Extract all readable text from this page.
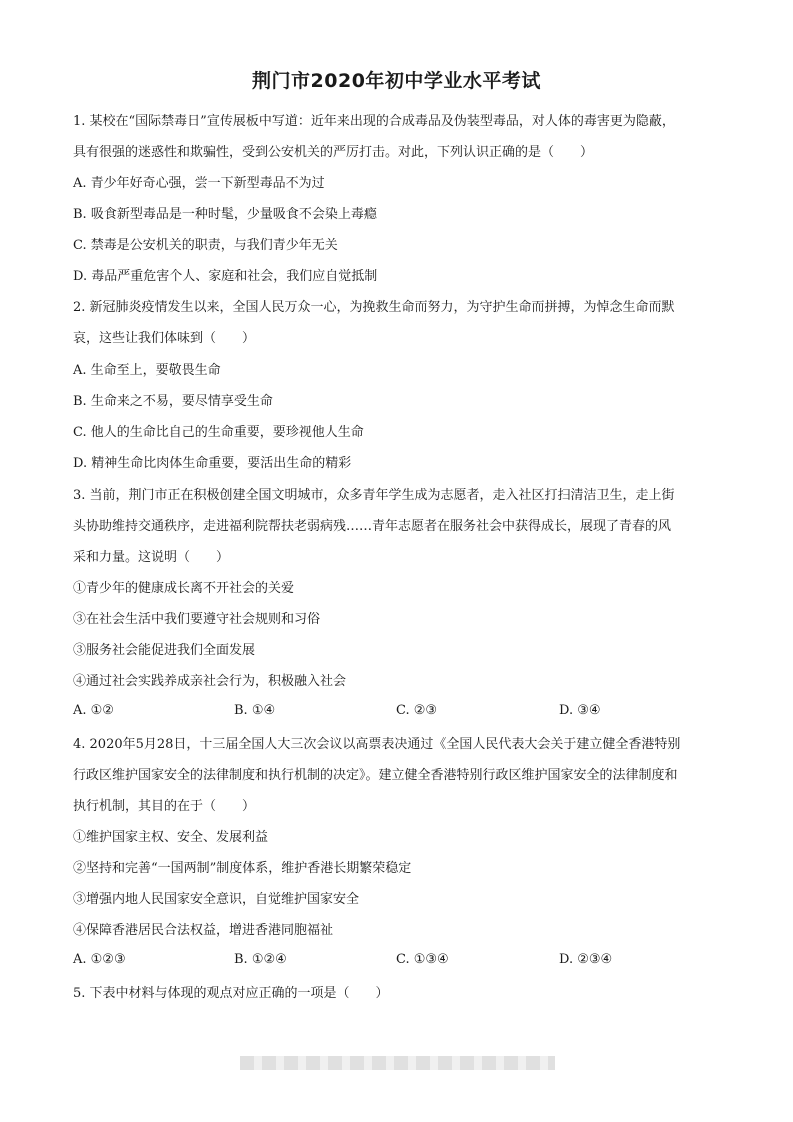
荆门市2020年初中学业水平考试
1. 某校在“国际禁毒日”宣传展板中写道：近年来出现的合成毒品及伪装型毒品，对人体的毒害更为隐蔽，
具有很强的迷惑性和欺骗性，受到公安机关的严厉打击。对此，下列认识正确的是（　　）
A. 青少年好奇心强，尝一下新型毒品不为过
B. 吸食新型毒品是一种时髦，少量吸食不会染上毒瘾
C. 禁毒是公安机关的职责，与我们青少年无关
D. 毒品严重危害个人、家庭和社会，我们应自觉抵制
2. 新冠肺炎疫情发生以来，全国人民万众一心，为挽救生命而努力，为守护生命而拼搏，为悼念生命而默
哀，这些让我们体味到（　　）
A. 生命至上，要敬畏生命
B. 生命来之不易，要尽情享受生命
C. 他人的生命比自己的生命重要，要珍视他人生命
D. 精神生命比肉体生命重要，要活出生命的精彩
3. 当前，荆门市正在积极创建全国文明城市，众多青年学生成为志愿者，走入社区打扫清洁卫生，走上街
头协助维持交通秩序，走进福利院帮扶老弱病残……青年志愿者在服务社会中获得成长，展现了青春的风
采和力量。这说明（　　）
①青少年的健康成长离不开社会的关爱
③在社会生活中我们要遵守社会规则和习俗
③服务社会能促进我们全面发展
④通过社会实践养成亲社会行为，积极融入社会
A. ①②	B. ①④	C. ②③	D. ③④
4. 2020年5月28日，十三届全国人大三次会议以高票表决通过《全国人民代表大会关于建立健全香港特别
行政区维护国家安全的法律制度和执行机制的决定》。建立健全香港特别行政区维护国家安全的法律制度和
执行机制，其目的在于（　　）
①维护国家主权、安全、发展利益
②坚持和完善“一国两制”制度体系，维护香港长期繁荣稳定
③增强内地人民国家安全意识，自觉维护国家安全
④保障香港居民合法权益，增进香港同胞福祉
A. ①②③	B. ①②④	C. ①③④	D. ②③④
5. 下表中材料与体现的观点对应正确的一项是（　　）
